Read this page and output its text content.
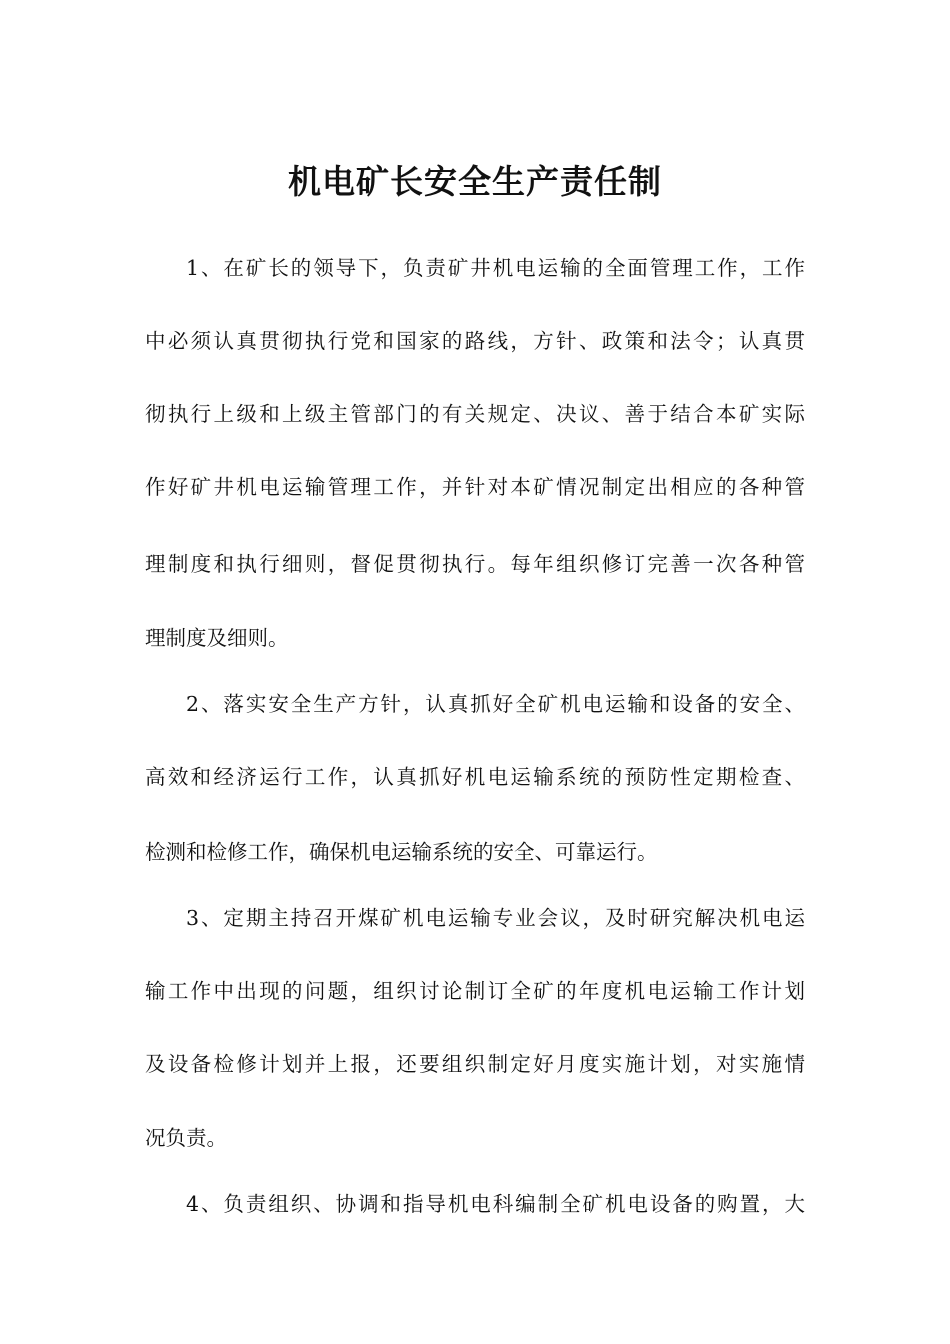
机电矿长安全生产责任制
1、在矿长的领导下，负责矿井机电运输的全面管理工作，工作
中必须认真贯彻执行党和国家的路线，方针、政策和法令；认真贯
彻执行上级和上级主管部门的有关规定、决议、善于结合本矿实际
作好矿井机电运输管理工作，并针对本矿情况制定出相应的各种管
理制度和执行细则，督促贯彻执行。每年组织修订完善一次各种管
理制度及细则。
2、落实安全生产方针，认真抓好全矿机电运输和设备的安全、
高效和经济运行工作，认真抓好机电运输系统的预防性定期检查、
检测和检修工作，确保机电运输系统的安全、可靠运行。
3、定期主持召开煤矿机电运输专业会议，及时研究解决机电运
输工作中出现的问题，组织讨论制订全矿的年度机电运输工作计划
及设备检修计划并上报，还要组织制定好月度实施计划，对实施情
况负责。
4、负责组织、协调和指导机电科编制全矿机电设备的购置，大
